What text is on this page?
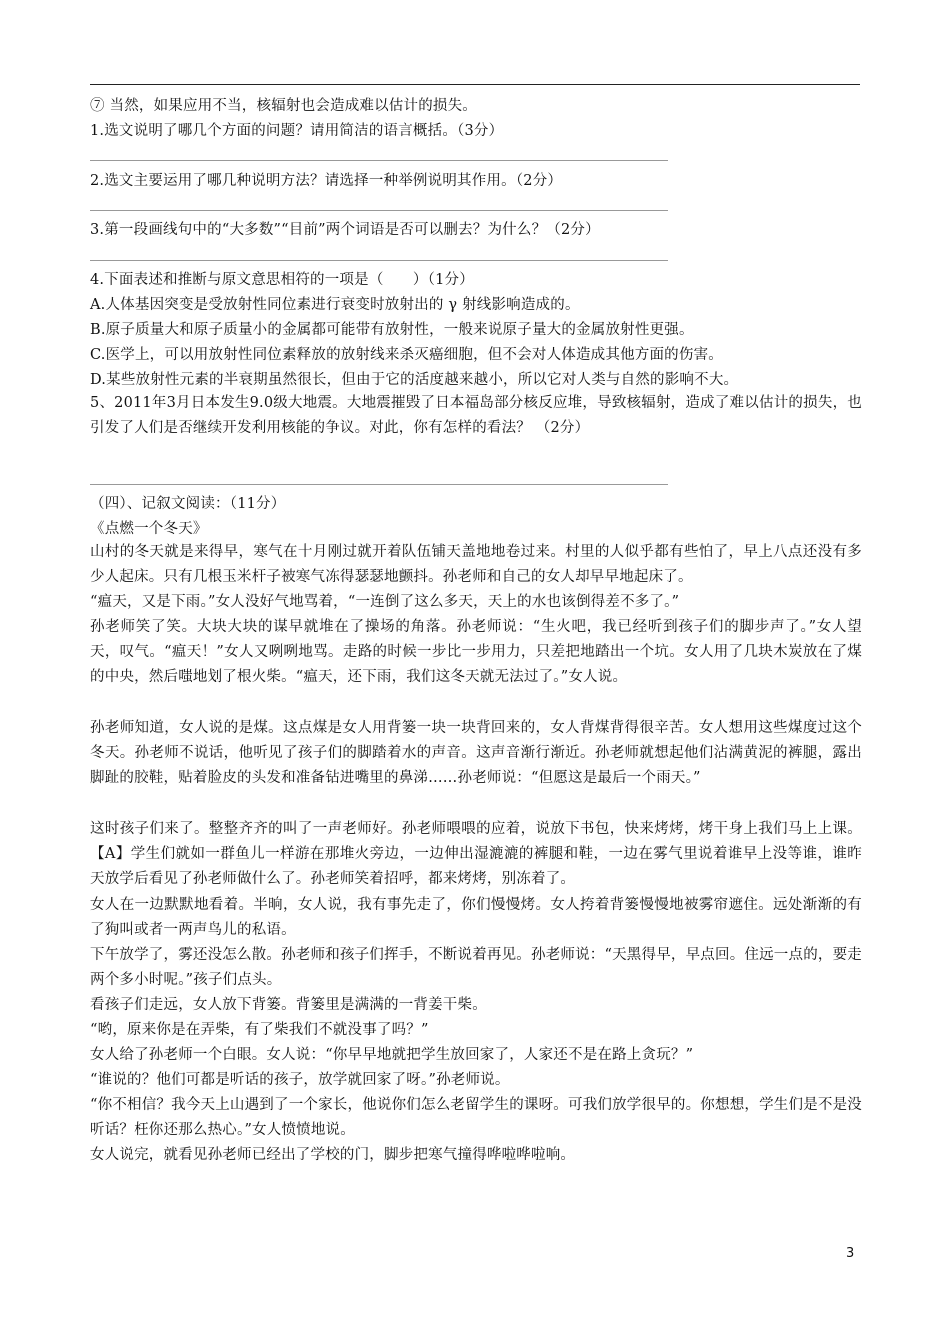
⑦ 当然，如果应用不当，核辐射也会造成难以估计的损失。
1.选文说明了哪几个方面的问题？请用简洁的语言概括。（3分）
2.选文主要运用了哪几种说明方法？请选择一种举例说明其作用。（2分）
3.第一段画线句中的“大多数”“目前”两个词语是否可以删去？为什么？（2分）
4.下面表述和推断与原文意思相符的一项是（　　）（1分）
A.人体基因突变是受放射性同位素进行衰变时放射出的 γ 射线影响造成的。
B.原子质量大和原子质量小的金属都可能带有放射性，一般来说原子量大的金属放射性更强。
C.医学上，可以用放射性同位素释放的放射线来杀灭癌细胞，但不会对人体造成其他方面的伤害。
D.某些放射性元素的半衰期虽然很长，但由于它的活度越来越小，所以它对人类与自然的影响不大。
5、2011年3月日本发生9.0级大地震。大地震摧毁了日本福岛部分核反应堆，导致核辐射，造成了难以估计的损失，也引发了人们是否继续开发利用核能的争议。对此，你有怎样的看法？ （2分）
（四）、记叙文阅读：（11分）
《点燃一个冬天》
山村的冬天就是来得早，寒气在十月刚过就开着队伍铺天盖地地卷过来。村里的人似乎都有些怕了，早上八点还没有多少人起床。只有几根玉米杆子被寒气冻得瑟瑟地颤抖。孙老师和自己的女人却早早地起床了。
“瘟天，又是下雨。”女人没好气地骂着，“一连倒了这么多天，天上的水也该倒得差不多了。”
孙老师笑了笑。大块大块的谋早就堆在了操场的角落。孙老师说：“生火吧，我已经听到孩子们的脚步声了。”女人望天，叹气。“瘟天！”女人又咧咧地骂。走路的时候一步比一步用力，只差把地踏出一个坑。女人用了几块木炭放在了煤的中央，然后嗤地划了根火柴。“瘟天，还下雨，我们这冬天就无法过了。”女人说。
孙老师知道，女人说的是煤。这点煤是女人用背篓一块一块背回来的，女人背煤背得很辛苦。女人想用这些煤度过这个冬天。孙老师不说话，他听见了孩子们的脚踏着水的声音。这声音渐行渐近。孙老师就想起他们沾满黄泥的裤腿，露出脚趾的胶鞋，贴着脸皮的头发和准备钻进嘴里的鼻涕……孙老师说：“但愿这是最后一个雨天。”
这时孩子们来了。整整齐齐的叫了一声老师好。孙老师喂喂的应着，说放下书包，快来烤烤，烤干身上我们马上上课。【A】学生们就如一群鱼儿一样游在那堆火旁边，一边伸出湿漉漉的裤腿和鞋，一边在雾气里说着谁早上没等谁，谁昨天放学后看见了孙老师做什么了。孙老师笑着招呼，都来烤烤，别冻着了。
女人在一边默默地看着。半晌，女人说，我有事先走了，你们慢慢烤。女人挎着背篓慢慢地被雾帘遮住。远处渐渐的有了狗叫或者一两声鸟儿的私语。
下午放学了，雾还没怎么散。孙老师和孩子们挥手，不断说着再见。孙老师说：“天黑得早，早点回。住远一点的，要走两个多小时呢。”孩子们点头。
看孩子们走远，女人放下背篓。背篓里是满满的一背姜干柴。
“哟，原来你是在弄柴，有了柴我们不就没事了吗？”
女人给了孙老师一个白眼。女人说：“你早早地就把学生放回家了，人家还不是在路上贪玩？”
“谁说的？他们可都是听话的孩子，放学就回家了呀。”孙老师说。
“你不相信？我今天上山遇到了一个家长，他说你们怎么老留学生的课呀。可我们放学很早的。你想想，学生们是不是没听话？枉你还那么热心。”女人愤愤地说。
女人说完，就看见孙老师已经出了学校的门，脚步把寒气撞得哗啦哗啦响。
3
